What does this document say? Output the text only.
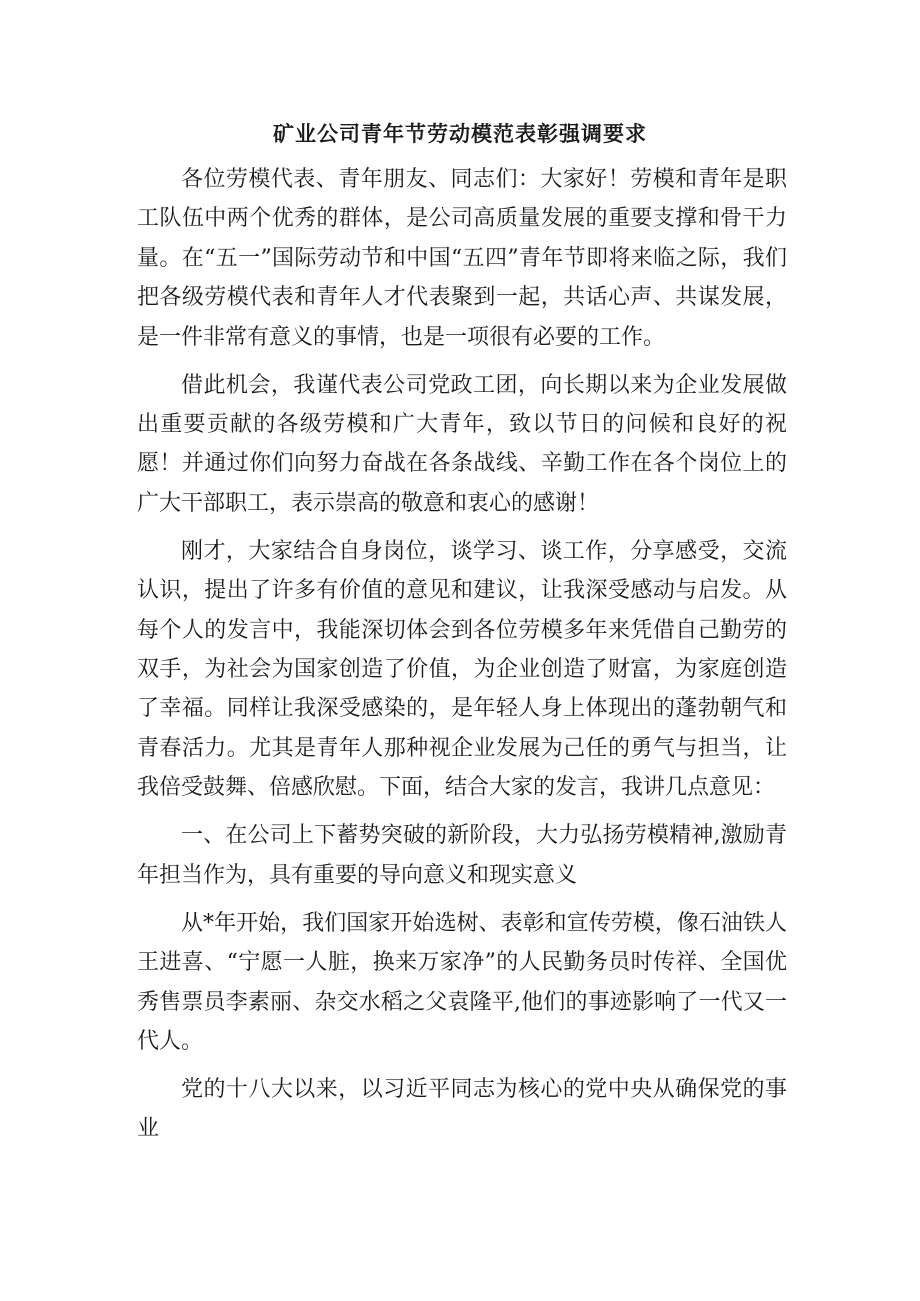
矿业公司青年节劳动模范表彰强调要求

各位劳模代表、青年朋友、同志们：大家好！劳模和青年是职工队伍中两个优秀的群体，是公司高质量发展的重要支撑和骨干力量。在“五一”国际劳动节和中国“五四”青年节即将来临之际，我们把各级劳模代表和青年人才代表聚到一起，共话心声、共谋发展，是一件非常有意义的事情，也是一项很有必要的工作。

借此机会，我谨代表公司党政工团，向长期以来为企业发展做出重要贡献的各级劳模和广大青年，致以节日的问候和良好的祝愿！并通过你们向努力奋战在各条战线、辛勤工作在各个岗位上的广大干部职工，表示崇高的敬意和衷心的感谢！

刚才，大家结合自身岗位，谈学习、谈工作，分享感受，交流认识，提出了许多有价值的意见和建议，让我深受感动与启发。从每个人的发言中，我能深切体会到各位劳模多年来凭借自己勤劳的双手，为社会为国家创造了价值，为企业创造了财富，为家庭创造了幸福。同样让我深受感染的，是年轻人身上体现出的蓬勃朝气和青春活力。尤其是青年人那种视企业发展为己任的勇气与担当，让我倍受鼓舞、倍感欣慰。下面，结合大家的发言，我讲几点意见：

一、在公司上下蓄势突破的新阶段，大力弘扬劳模精神,激励青年担当作为，具有重要的导向意义和现实意义

从*年开始，我们国家开始选树、表彰和宣传劳模，像石油铁人王进喜、“宁愿一人脏，换来万家净”的人民勤务员时传祥、全国优秀售票员李素丽、杂交水稻之父袁隆平,他们的事迹影响了一代又一代人。

党的十八大以来，以习近平同志为核心的党中央从确保党的事业
